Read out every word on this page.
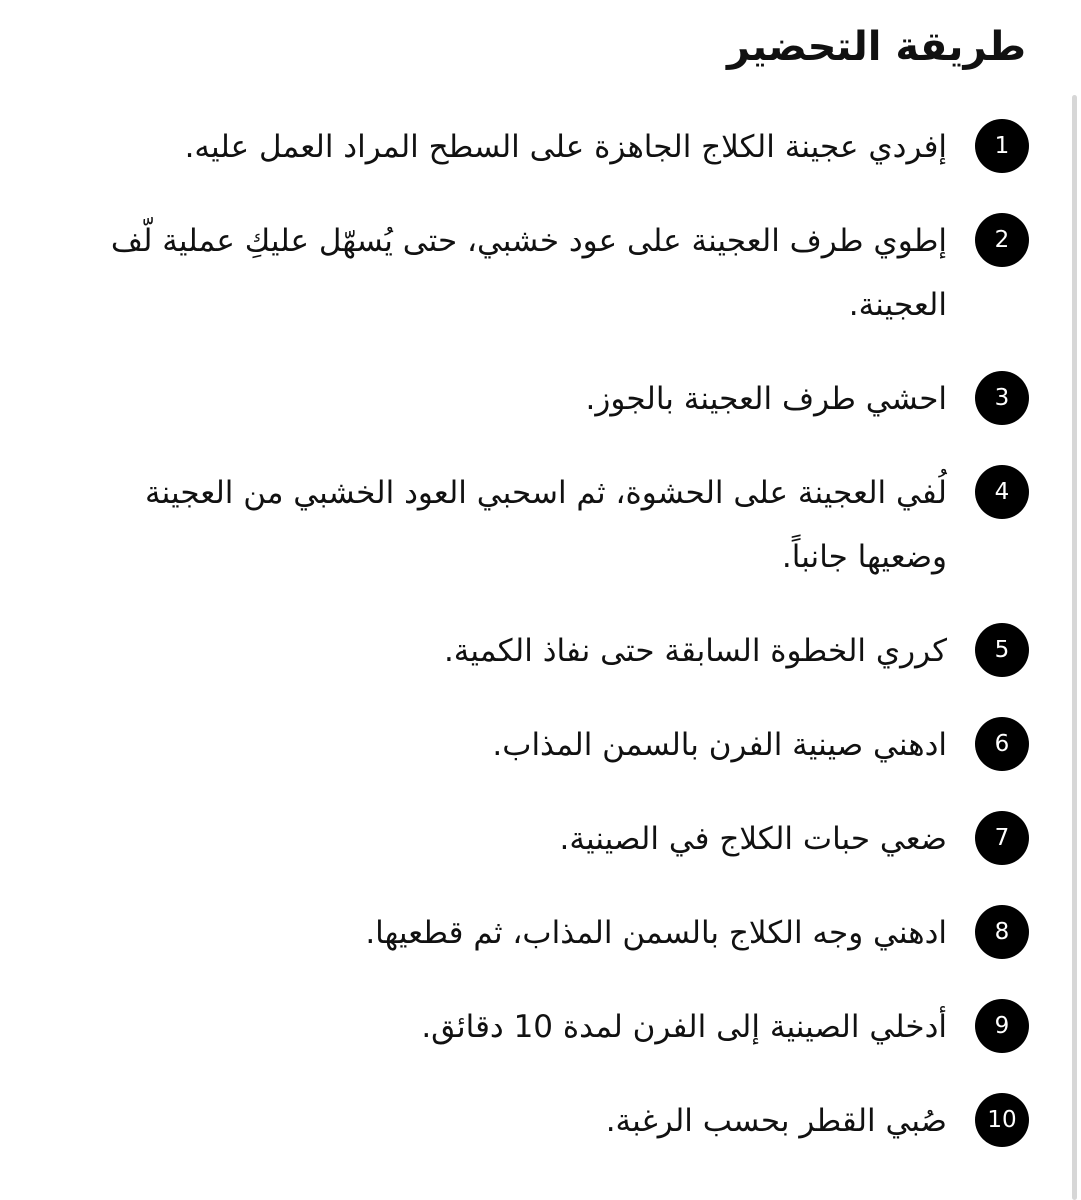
طريقة التحضير
1
إفردي عجينة الكلاج الجاهزة على السطح المراد العمل عليه.
2
إطوي طرف العجينة على عود خشبي، حتى يُسهّل عليكِ عملية لّف العجينة.
3
احشي طرف العجينة بالجوز.
4
لُفي العجينة على الحشوة، ثم اسحبي العود الخشبي من العجينة وضعيها جانباً.
5
كرري الخطوة السابقة حتى نفاذ الكمية.
6
ادهني صينية الفرن بالسمن المذاب.
7
ضعي حبات الكلاج في الصينية.
8
ادهني وجه الكلاج بالسمن المذاب، ثم قطعيها.
9
أدخلي الصينية إلى الفرن لمدة 10 دقائق.
10
صُبي القطر بحسب الرغبة.
